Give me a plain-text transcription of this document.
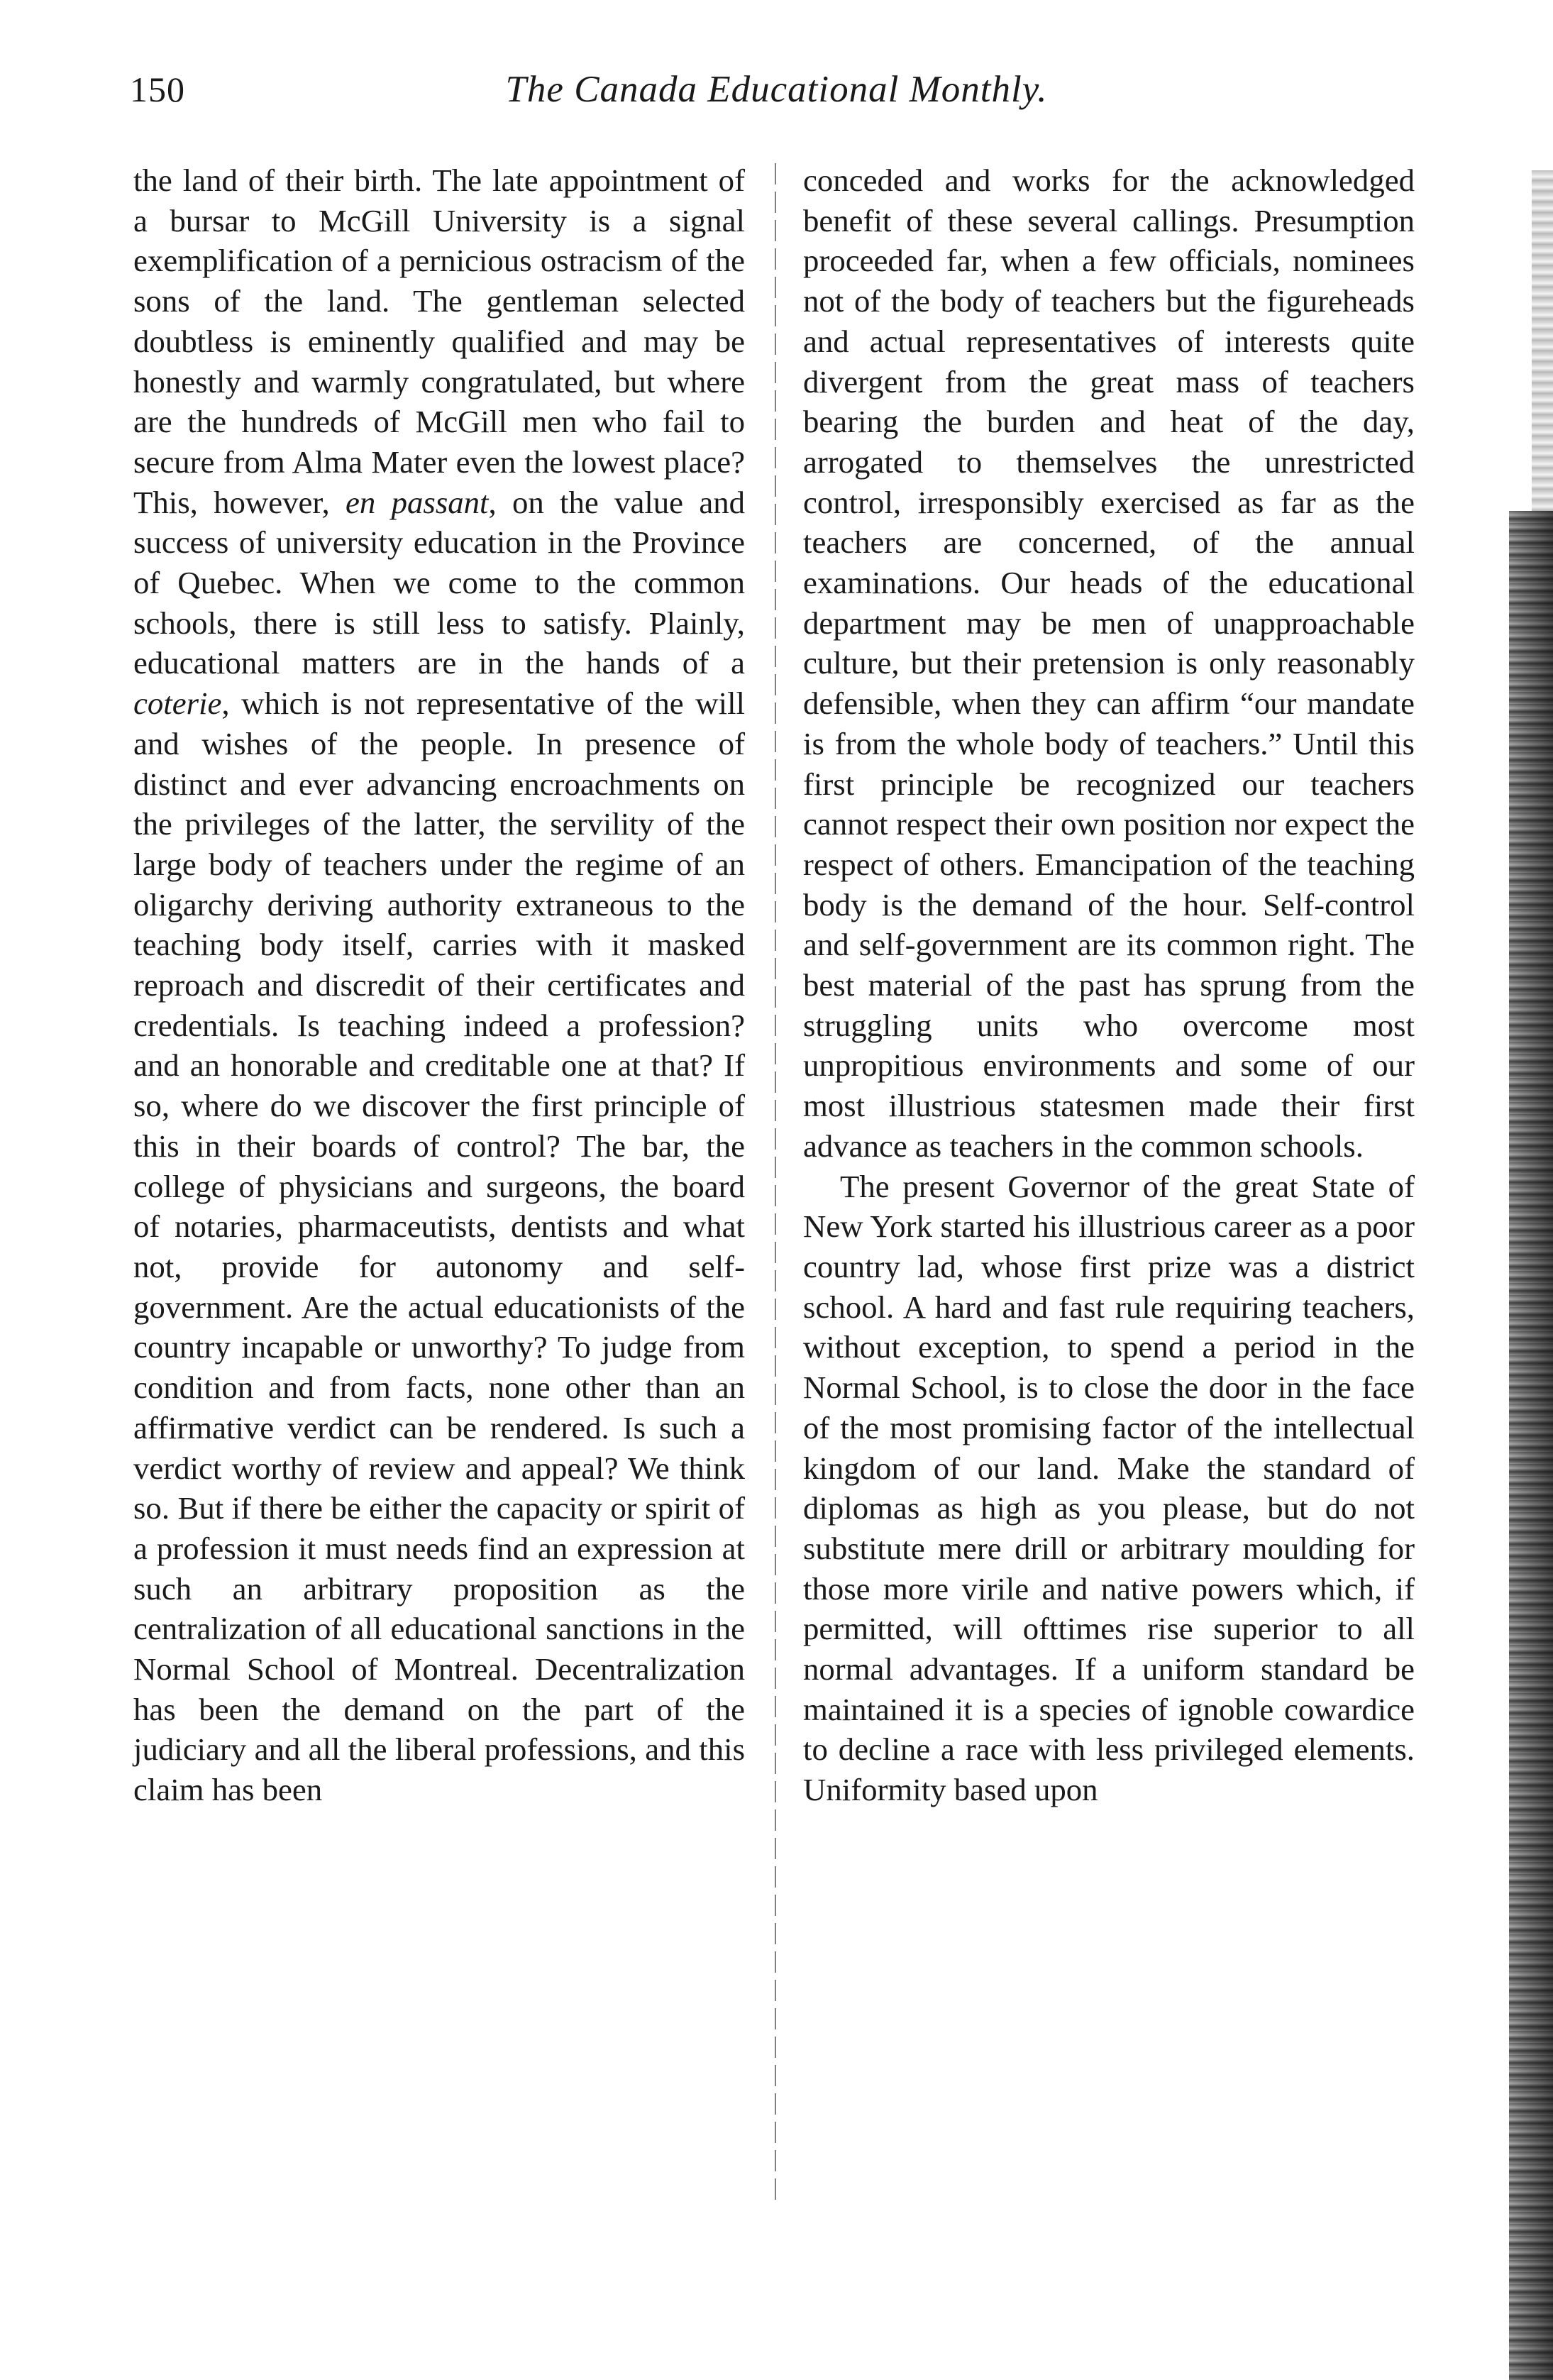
150	The Canada Educational Monthly.

the land of their birth. The late appointment of a bursar to McGill University is a signal exemplification of a pernicious ostracism of the sons of the land. The gentleman selected doubtless is eminently qualified and may be honestly and warmly congratulated, but where are the hundreds of McGill men who fail to secure from Alma Mater even the lowest place? This, however, en passant, on the value and success of university education in the Province of Quebec. When we come to the common schools, there is still less to satisfy. Plainly, educational matters are in the hands of a coterie, which is not representative of the will and wishes of the people. In presence of distinct and ever advancing encroachments on the privileges of the latter, the servility of the large body of teachers under the regime of an oligarchy deriving authority extraneous to the teaching body itself, carries with it masked reproach and discredit of their certificates and credentials. Is teaching indeed a profession? and an honorable and creditable one at that? If so, where do we discover the first principle of this in their boards of control? The bar, the college of physicians and surgeons, the board of notaries, pharmaceutists, dentists and what not, provide for autonomy and self-government. Are the actual educationists of the country incapable or unworthy? To judge from condition and from facts, none other than an affirmative verdict can be rendered. Is such a verdict worthy of review and appeal? We think so. But if there be either the capacity or spirit of a profession it must needs find an expression at such an arbitrary proposition as the centralization of all educational sanctions in the Normal School of Montreal. Decentralization has been the demand on the part of the judiciary and all the liberal professions, and this claim has been

conceded and works for the acknowledged benefit of these several callings. Presumption proceeded far, when a few officials, nominees not of the body of teachers but the figureheads and actual representatives of interests quite divergent from the great mass of teachers bearing the burden and heat of the day, arrogated to themselves the unrestricted control, irresponsibly exercised as far as the teachers are concerned, of the annual examinations. Our heads of the educational department may be men of unapproachable culture, but their pretension is only reasonably defensible, when they can affirm “our mandate is from the whole body of teachers.” Until this first principle be recognized our teachers cannot respect their own position nor expect the respect of others. Emancipation of the teaching body is the demand of the hour. Self-control and self-government are its common right. The best material of the past has sprung from the struggling units who overcome most unpropitious environments and some of our most illustrious statesmen made their first advance as teachers in the common schools.

The present Governor of the great State of New York started his illustrious career as a poor country lad, whose first prize was a district school. A hard and fast rule requiring teachers, without exception, to spend a period in the Normal School, is to close the door in the face of the most promising factor of the intellectual kingdom of our land. Make the standard of diplomas as high as you please, but do not substitute mere drill or arbitrary moulding for those more virile and native powers which, if permitted, will ofttimes rise superior to all normal advantages. If a uniform standard be maintained it is a species of ignoble cowardice to decline a race with less privileged elements. Uniformity based upon
